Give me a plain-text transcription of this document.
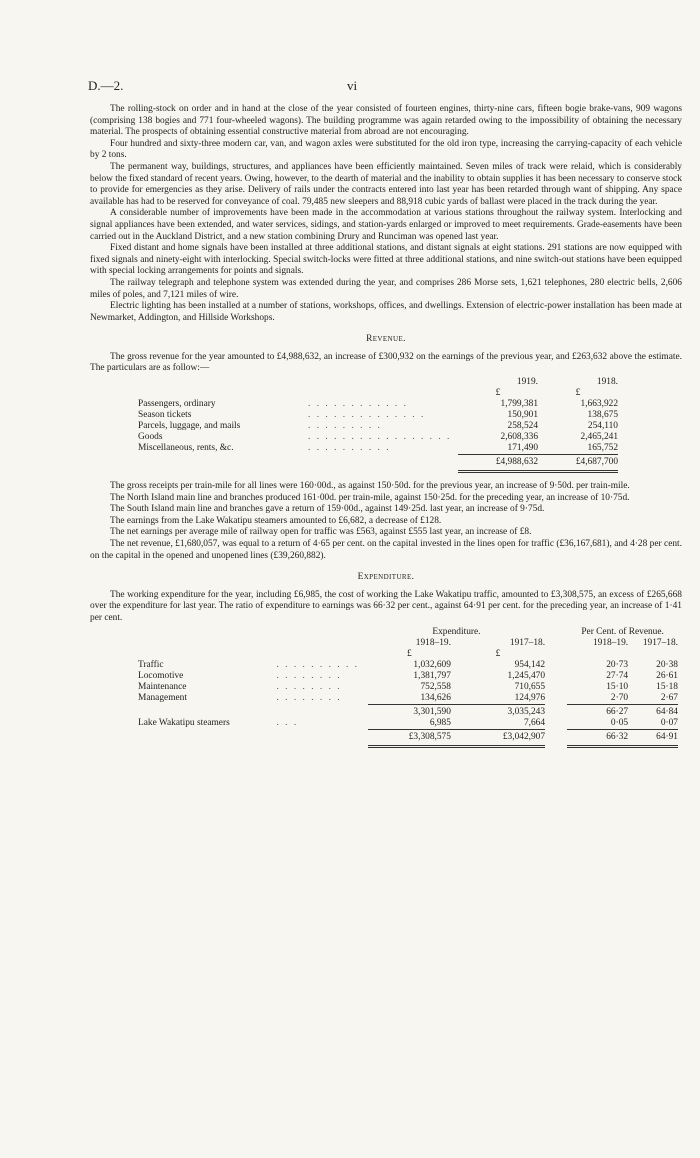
D.—2.	vi

The rolling-stock on order and in hand at the close of the year consisted of fourteen engines, thirty-nine cars, fifteen bogie brake-vans, 909 wagons (comprising 138 bogies and 771 four-wheeled wagons). The building programme was again retarded owing to the impossibility of obtaining the necessary material. The prospects of obtaining essential constructive material from abroad are not encouraging.

Four hundred and sixty-three modern car, van, and wagon axles were substituted for the old iron type, increasing the carrying-capacity of each vehicle by 2 tons.

The permanent way, buildings, structures, and appliances have been efficiently maintained. Seven miles of track were relaid, which is considerably below the fixed standard of recent years. Owing, however, to the dearth of material and the inability to obtain supplies it has been necessary to conserve stock to provide for emergencies as they arise. Delivery of rails under the contracts entered into last year has been retarded through want of shipping. Any space available has had to be reserved for conveyance of coal. 79,485 new sleepers and 88,918 cubic yards of ballast were placed in the track during the year.

A considerable number of improvements have been made in the accommodation at various stations throughout the railway system. Interlocking and signal appliances have been extended, and water services, sidings, and station-yards enlarged or improved to meet requirements. Grade-easements have been carried out in the Auckland District, and a new station combining Drury and Runciman was opened last year.

Fixed distant and home signals have been installed at three additional stations, and distant signals at eight stations. 291 stations are now equipped with fixed signals and ninety-eight with interlocking. Special switch-locks were fitted at three additional stations, and nine switch-out stations have been equipped with special locking arrangements for points and signals.

The railway telegraph and telephone system was extended during the year, and comprises 286 Morse sets, 1,621 telephones, 280 electric bells, 2,606 miles of poles, and 7,121 miles of wire.

Electric lighting has been installed at a number of stations, workshops, offices, and dwellings. Extension of electric-power installation has been made at Newmarket, Addington, and Hillside Workshops.

Revenue.

The gross revenue for the year amounted to £4,988,632, an increase of £300,932 on the earnings of the previous year, and £263,632 above the estimate. The particulars are as follow:—

		1919.	1918.
		£	£
Passengers, ordinary	. . . . . . . . . . . .	1,799,381	1,663,922
Season tickets	. . . . . . . . . . . . . .	150,901	138,675
Parcels, luggage, and mails	. . . . . . . . .	258,524	254,110
Goods	. . . . . . . . . . . . . . . . .	2,608,336	2,465,241
Miscellaneous, rents, &c.	. . . . . . . . . .	171,490	165,752
		£4,988,632	£4,687,700

The gross receipts per train-mile for all lines were 160·00d., as against 150·50d. for the previous year, an increase of 9·50d. per train-mile.

The North Island main line and branches produced 161·00d. per train-mile, against 150·25d. for the preceding year, an increase of 10·75d.

The South Island main line and branches gave a return of 159·00d., against 149·25d. last year, an increase of 9·75d.

The earnings from the Lake Wakatipu steamers amounted to £6,682, a decrease of £128.

The net earnings per average mile of railway open for traffic was £563, against £555 last year, an increase of £8.

The net revenue, £1,680,057, was equal to a return of 4·65 per cent. on the capital invested in the lines open for traffic (£36,167,681), and 4·28 per cent. on the capital in the opened and unopened lines (£39,260,882).

Expenditure.

The working expenditure for the year, including £6,985, the cost of working the Lake Wakatipu traffic, amounted to £3,308,575, an excess of £265,668 over the expenditure for last year. The ratio of expenditure to earnings was 66·32 per cent., against 64·91 per cent. for the preceding year, an increase of 1·41 per cent.

		Expenditure.			Per Cent. of Revenue.	
		1918–19.	1917–18.		1918–19.	1917–18.
		£	£			
Traffic	. . . . . . . . . .	1,032,609	954,142		20·73	20·38
Locomotive	. . . . . . . .	1,381,797	1,245,470		27·74	26·61
Maintenance	. . . . . . . .	752,558	710,655		15·10	15·18
Management	. . . . . . . .	134,626	124,976		2·70	2·67
		3,301,590	3,035,243		66·27	64·84
Lake Wakatipu steamers	. . .	6,985	7,664		0·05	0·07
		£3,308,575	£3,042,907		66·32	64·91
